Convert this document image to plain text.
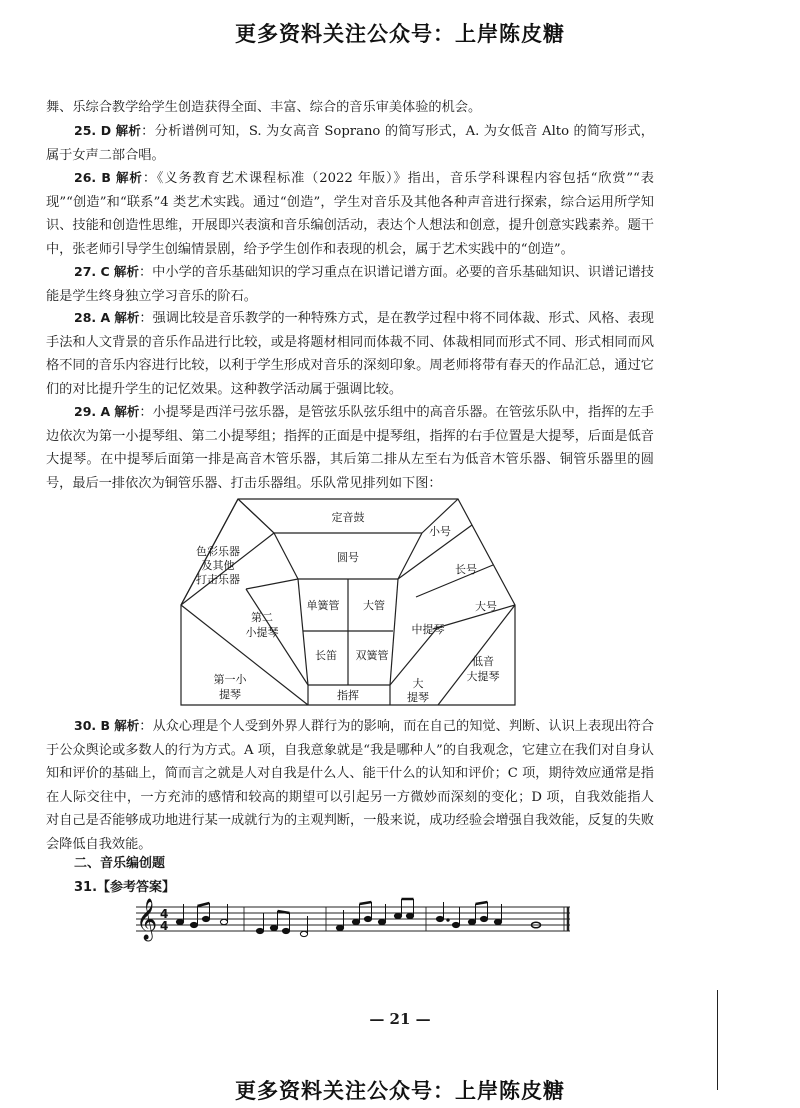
更多资料关注公众号：上岸陈皮糖
舞、乐综合教学给学生创造获得全面、丰富、综合的音乐审美体验的机会。
25. D 解析：分析谱例可知，S. 为女高音 Soprano 的简写形式，A. 为女低音 Alto 的简写形式，属于女声二部合唱。
26. B 解析：《义务教育艺术课程标准（2022 年版）》指出，音乐学科课程内容包括“欣赏”“表现”“创造”和“联系”4 类艺术实践。通过“创造”，学生对音乐及其他各种声音进行探索，综合运用所学知识、技能和创造性思维，开展即兴表演和音乐编创活动，表达个人想法和创意，提升创意实践素养。题干中，张老师引导学生创编情景剧，给予学生创作和表现的机会，属于艺术实践中的“创造”。
27. C 解析：中小学的音乐基础知识的学习重点在识谱记谱方面。必要的音乐基础知识、识谱记谱技能是学生终身独立学习音乐的阶石。
28. A 解析：强调比较是音乐教学的一种特殊方式，是在教学过程中将不同体裁、形式、风格、表现手法和人文背景的音乐作品进行比较，或是将题材相同而体裁不同、体裁相同而形式不同、形式相同而风格不同的音乐内容进行比较，以利于学生形成对音乐的深刻印象。周老师将带有春天的作品汇总，通过它们的对比提升学生的记忆效果。这种教学活动属于强调比较。
29. A 解析：小提琴是西洋弓弦乐器，是管弦乐队弦乐组中的高音乐器。在管弦乐队中，指挥的左手边依次为第一小提琴组、第二小提琴组；指挥的正面是中提琴组，指挥的右手位置是大提琴，后面是低音大提琴。在中提琴后面第一排是高音木管乐器，其后第二排从左至右为低音木管乐器、铜管乐器里的圆号，最后一排依次为铜管乐器、打击乐器组。乐队常见排列如下图：
定音鼓
色彩乐器
及其他
打击乐器
圆号
小号
长号
大号
单簧管 大管
长笛 双簧管
第二
小提琴	中提琴
第一小
提琴	指挥
大
提琴
低音
大提琴
30. B 解析：从众心理是个人受到外界人群行为的影响，而在自己的知觉、判断、认识上表现出符合于公众舆论或多数人的行为方式。A 项，自我意象就是“我是哪种人”的自我观念，它建立在我们对自身认知和评价的基础上，简而言之就是人对自我是什么人、能干什么的认知和评价；C 项，期待效应通常是指在人际交往中，一方充沛的感情和较高的期望可以引起另一方微妙而深刻的变化；D 项，自我效能指人对自己是否能够成功地进行某一成就行为的主观判断，一般来说，成功经验会增强自我效能，反复的失败会降低自我效能。
二、音乐编创题
31.【参考答案】
𝄞 4
4
— 21 —
更多资料关注公众号：上岸陈皮糖
